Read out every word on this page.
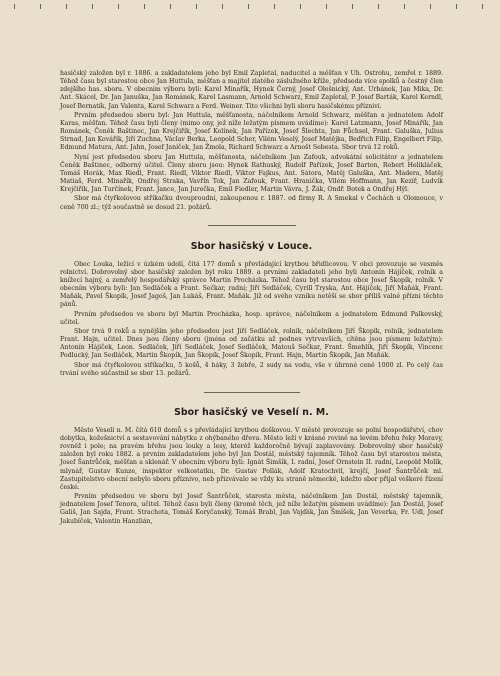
hasičský založen byl r. 1886. a zakladatelem jeho byl Emil Zapletal, naducitel a měšťan v Uh. Ostrohu, zemřel r. 1889. Téhož času byl starostou obce Jan Huttula, měšťan a majitel zlatého záslužného kříže, předseda více spolků a čestný člen zdejšího has. sboru. V obecním výboru byli: Karel Minařík, Hynek Černý, Josef Olešnický, Ant. Urbánek, Jan Mika, Dr. Ant. Skácel, Dr. Jan Januška, Jan Románek, Karel Lasmann, Arnold Schwarz, Emil Zapletal, P. Josef Barták, Karel Kerndl, Josef Bernatík, Jan Valenta, Karel Schwarz a Ferd. Weiner. Tito všichni byli sboru hasičskému příznivi.

Prvním předsedou sboru byl: Jan Huttula, měšťanosta, náčelníkem Arnold Schwarz, měšťan a jednatelem Adolf Karas, měšťan. Téhož času byli členy (mimo ony, jež níže ležatým písmem uvádíme): Karel Latzmann, Josef Minářík, Jan Románek, Čeněk Baštinec, Jan Krejčiřík, Josef Kolínek, Jan Pařízek, Josef Šlechta, Jan Fůchsel, Frant. Galuška, Julius Strnad, Jan Kovářík, Jiří Zuchna, Václav Berka, Leopold Scher, Vilém Veselý, Josef Matějka, Bedřich Filip, Engelbert Filip, Edmund Matura, Ant. Jahn, Josef Janíček, Jan Žmola, Richard Schwarz a Arnošt Sebesta. Sbor trvá 12 roků.

Nyní jest předsedou sboru Jan Huttula, měšťanosta, náčelníkem Jan Zafouk, advokátní solicitátor a jednatelem Čeněk Baštinec, odborný učitel. Členy sboru jsou: Hynek Rathuský, Rudolf Pařízek, Josef Barton, Robert Helikláček, Tomáš Horák, Max Riedl, Frant. Riedl, Viktor Riedl, Viktor Fajkus, Ant. Sátora, Matěj Galuška, Ant. Madera, Matěj Matiaš, Ferd. Minařík, Ondřej Straka, Vavřín Tok, Jan Zafouk, Frant. Hranička, Vilém Hoffmann, Jan Kezíř, Ludvík Krejčiřík, Jan Turčínek, Frant. Jance, Jan Jurečka, Emil Fiedler, Martin Vávra, J. Žák, Ondř. Botek a Ondřej Hýl.

Sbor má čtyřkolovou stříkačku dvouproudní, zakoupenou r. 1887. od firmy R. A Smekal v Čechách u Olomouce, v ceně 700 zl.; týž součastně se dosud 21. požárů.

Sbor hasičský v Louce.

Obec Louka, ležící v úzkém údolí, čítá 177 domů s převládající krytbou břidlicovou. V obci provozuje se vesměs rolnictví. Dobrovolný sbor hasičský založen byl roku 1889. a prvními zakladateli jeho byli Antonín Hájíček, rolník a knížecí hajný, a zemřelý hospodářský správce Martin Procházka. Téhož času byl starostou obce Josef Škopík, rolník. V obecním výboru byli: Jan Sedláček a Frant. Sečkar, radní; Jiří Sedláček, Cyrill Tryska, Ant. Hájíček, Jiří Maňák, Frant. Maňák, Pavel Škopík, Josef Jagoš, Jan Lukáš, Frant. Maňák. Již od svého vzniku netěší se sbor příliš valné přízni těchto pánů.

Prvním předsedou ve sboru byl Martin Procházka, hosp. správce, náčelníkem a jednatelem Edmund Palkovský, učitel.

Sbor trvá 9 roků a nynějším jeho předsedou jest Jiří Sedláček, rolník, náčelníkem Jiří Škopík, rolník, jednatelem Frant. Hajn, učitel. Dnes jsou členy sboru (jména od začátku až podnes vytrvavších, cítěna jsou písmem ležatým): Antonín Hájíček, Leon. Sedláček, Jiří Sedláček, Josef Sedláček, Matouš Sečkar, Frant. Šmehlík, Jiří Škopík, Vincenc Podlucký, Jan Sedláček, Martin Škopík, Jan Škopík, Josef Škopík, Frant. Hajn, Martin Škopík, Jan Maňák.

Sbor má čtyřkolovou stříkačku, 5 košů, 4 háky, 3 žebře, 2 sudy na vodu, vše v úhrnné ceně 1000 zl. Po celý čas trvání svého súčastnil se sbor 13. požárů.

Sbor hasičský ve Veselí n. M.

Město Veselí n. M. čítá 610 domů s s převládající krytbou doškovou. V městě provozuje se polní hospodářství, chov dobytka, kožešnictví a sestavování nábytku z ohýbaného dřeva. Město leží v krásné rovině na levém břehu řeky Moravy, rovněž i pole; na pravém břehu jsou louky a lesy, kteréž každoročně bývají zaplavovány. Dobrovolný sbor hasičský založen byl roku 1882. a prvním zakladatelem jeho byl Jan Dostál, městský tajemník. Téhož času byl starostou města, Josef Šantrůček, měšťan a sklenář. V obecním výboru byli: Ignát Šimšík, I. radní, Josef Ornstein II. radní, Leopold Molík, mlynář, Gustav Kunze, inspektor velkostatku, Dr. Gustav Pollák, Adolf Kratochvil, krejčí, Josef Šantrůček ml. Zastupitelstvo obecní nebylo sboru příznivo, neb přizvávalo se vždy ku straně německé, kdežto sbor přijal veškeré řízení české.

Prvním předsedou ve sboru byl Josef Šantrůček, starosta města, náčelníkem Jan Dostál, městský tajemník, jednatelem Josef Tenora, učitel. Téhož času byli členy (kromě těch, jež níže ležatým písmem uvádíme): Jan Dostál, Josef Gališ, Jan Sajda, Frant. Strachota, Tomáš Koryčanský, Tomáš Brabl, Jan Vajďák, Jan Šmíšek, Jan Veverka, Fr. Udl, Josef Jakubíček, Valentin Hanzlián,
